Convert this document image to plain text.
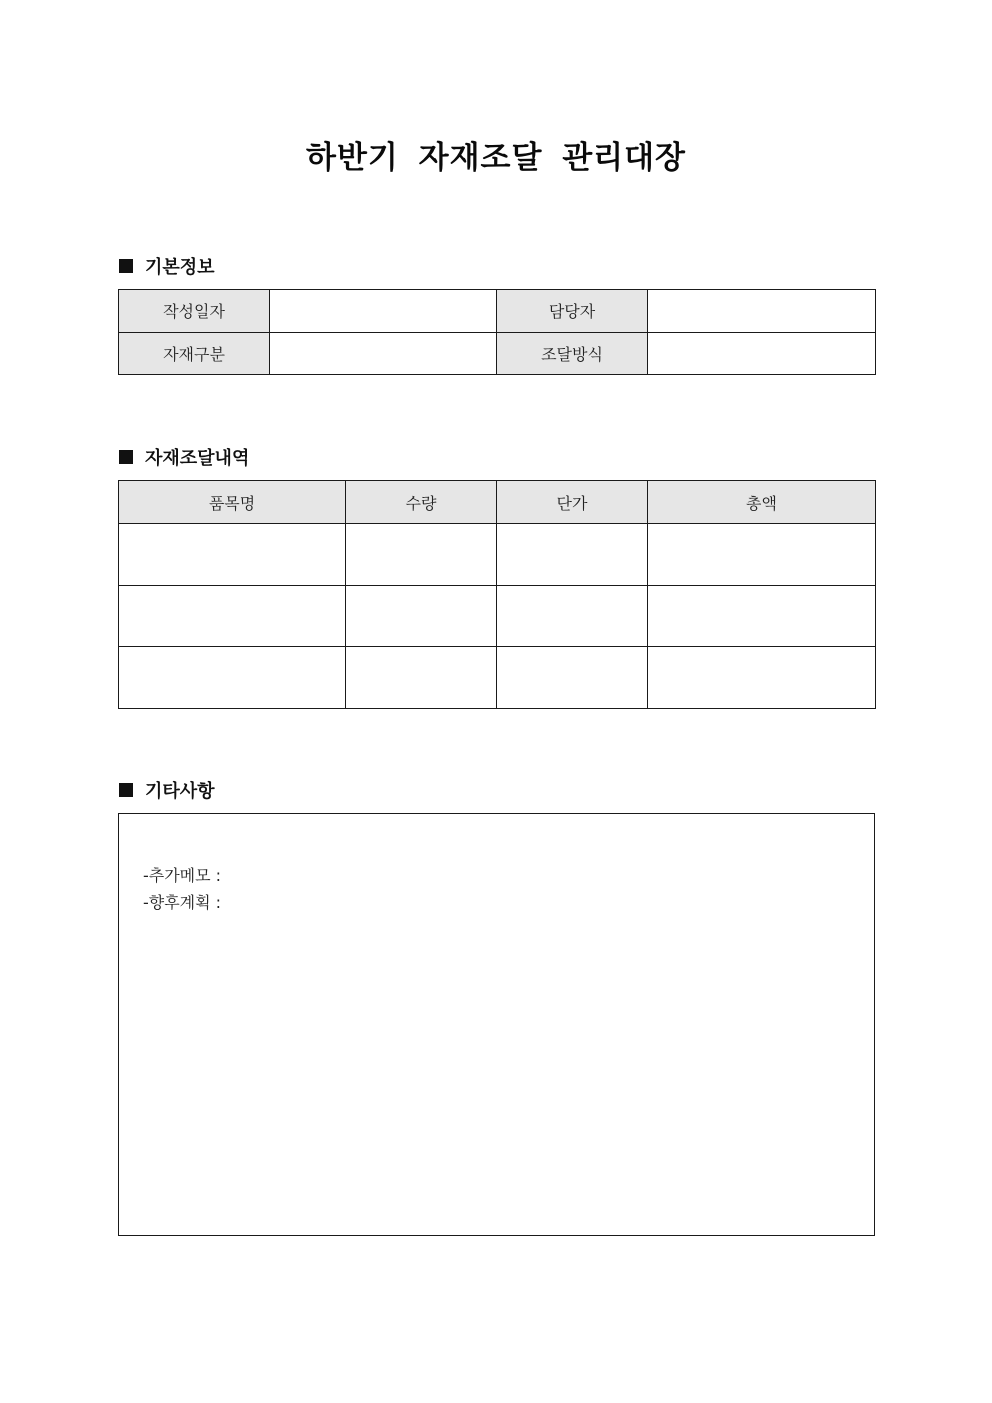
하반기 자재조달 관리대장
기본정보
작성일자		담당자	
자재구분		조달방식	
자재조달내역
품목명	수량	단가	총액

기타사항
-추가메모 :
-향후계획 :
